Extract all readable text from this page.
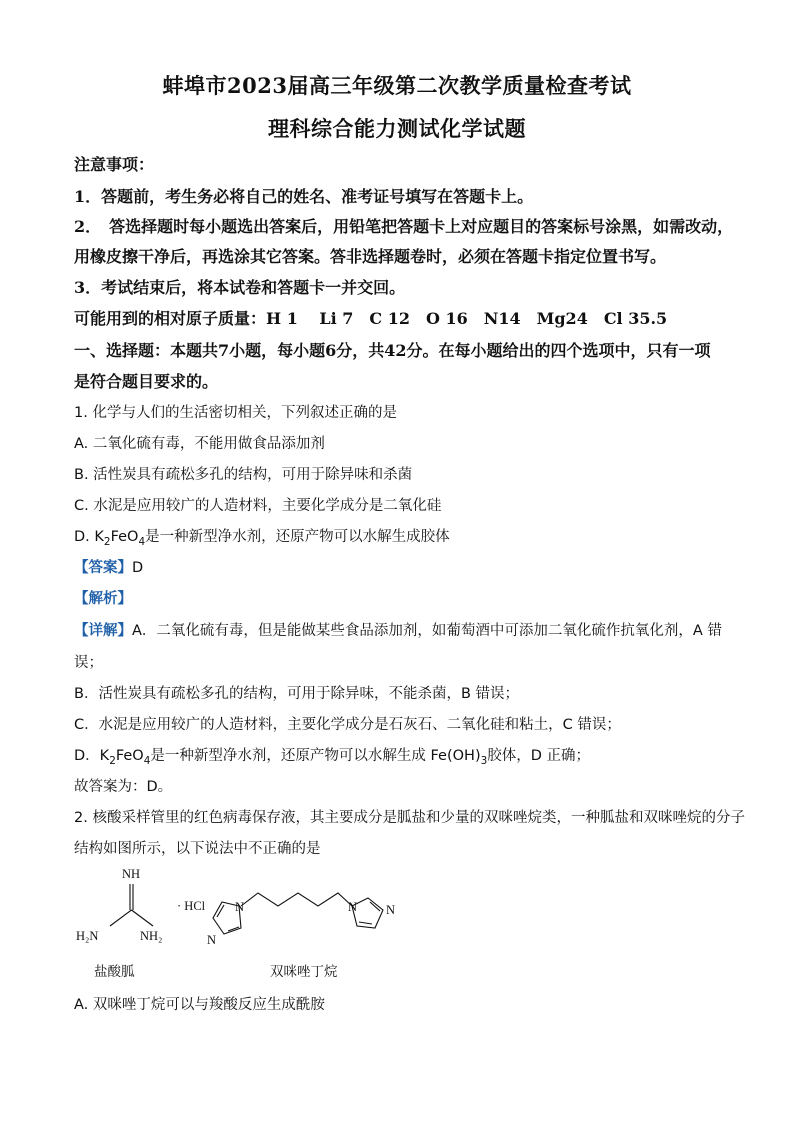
蚌埠市2023届高三年级第二次教学质量检查考试
理科综合能力测试化学试题
注意事项：
1．答题前，考生务必将自己的姓名、准考证号填写在答题卡上。
2．　答选择题时每小题选出答案后，用铅笔把答题卡上对应题目的答案标号涂黑，如需改动，
用橡皮擦干净后，再选涂其它答案。答非选择题卷时，必须在答题卡指定位置书写。
3．考试结束后，将本试卷和答题卡一并交回。
可能用到的相对原子质量：H 1　 Li 7　C 12　O 16　N14　Mg24　Cl 35.5
一、选择题：本题共7小题，每小题6分，共42分。在每小题给出的四个选项中，只有一项
是符合题目要求的。
1. 化学与人们的生活密切相关，下列叙述正确的是
A. 二氧化硫有毒，不能用做食品添加剂
B. 活性炭具有疏松多孔的结构，可用于除异味和杀菌
C. 水泥是应用较广的人造材料，主要化学成分是二氧化硅
D. $K_2FeO_4$是一种新型净水剂，还原产物可以水解生成胶体
【答案】D
【解析】
【详解】A．二氧化硫有毒，但是能做某些食品添加剂，如葡萄酒中可添加二氧化硫作抗氧化剂，A 错
误；
B．活性炭具有疏松多孔的结构，可用于除异味，不能杀菌，B 错误；
C．水泥是应用较广的人造材料，主要化学成分是石灰石、二氧化硅和粘土，C 错误；
D．$K_2FeO_4$是一种新型净水剂，还原产物可以水解生成 $Fe(OH)_3$胶体，D 正确；
故答案为：D。
2. 核酸采样管里的红色病毒保存液，其主要成分是胍盐和少量的双咪唑烷类，一种胍盐和双咪唑烷的分子
结构如图所示，以下说法中不正确的是
NH
H₂N	NH₂
· HCl N
N
N N
盐酸胍	双咪唑丁烷
A. 双咪唑丁烷可以与羧酸反应生成酰胺
